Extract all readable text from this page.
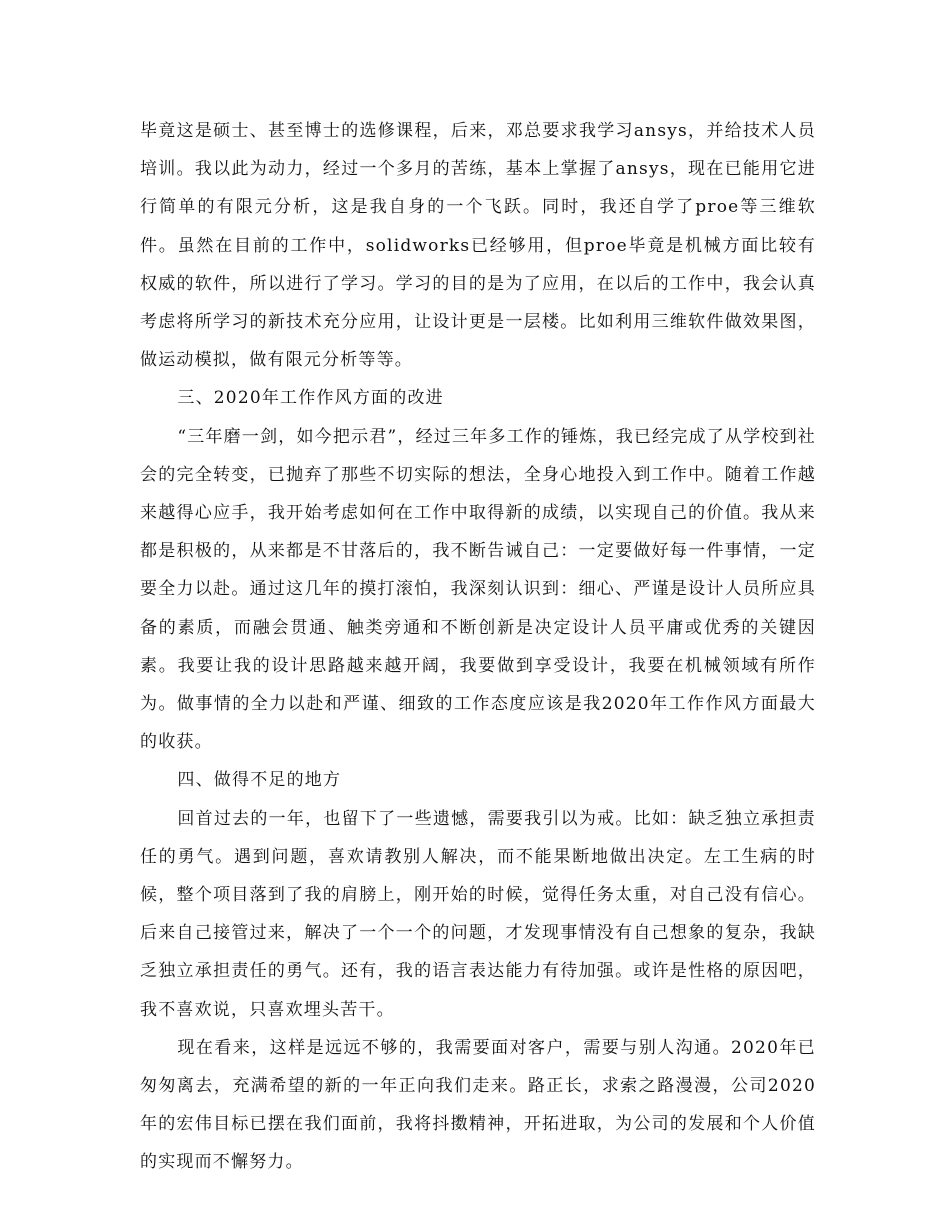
毕竟这是硕士、甚至博士的选修课程，后来，邓总要求我学习ansys，并给技术人员培训。我以此为动力，经过一个多月的苦练，基本上掌握了ansys，现在已能用它进行简单的有限元分析，这是我自身的一个飞跃。同时，我还自学了proe等三维软件。虽然在目前的工作中，solidworks已经够用，但proe毕竟是机械方面比较有权威的软件，所以进行了学习。学习的目的是为了应用，在以后的工作中，我会认真考虑将所学习的新技术充分应用，让设计更是一层楼。比如利用三维软件做效果图，做运动模拟，做有限元分析等等。

三、2020年工作作风方面的改进

“三年磨一剑，如今把示君”，经过三年多工作的锤炼，我已经完成了从学校到社会的完全转变，已抛弃了那些不切实际的想法，全身心地投入到工作中。随着工作越来越得心应手，我开始考虑如何在工作中取得新的成绩，以实现自己的价值。我从来都是积极的，从来都是不甘落后的，我不断告诫自己：一定要做好每一件事情，一定要全力以赴。通过这几年的摸打滚怕，我深刻认识到：细心、严谨是设计人员所应具备的素质，而融会贯通、触类旁通和不断创新是决定设计人员平庸或优秀的关键因素。我要让我的设计思路越来越开阔，我要做到享受设计，我要在机械领域有所作为。做事情的全力以赴和严谨、细致的工作态度应该是我2020年工作作风方面最大的收获。

四、做得不足的地方

回首过去的一年，也留下了一些遗憾，需要我引以为戒。比如：缺乏独立承担责任的勇气。遇到问题，喜欢请教别人解决，而不能果断地做出决定。左工生病的时候，整个项目落到了我的肩膀上，刚开始的时候，觉得任务太重，对自己没有信心。后来自己接管过来，解决了一个一个的问题，才发现事情没有自己想象的复杂，我缺乏独立承担责任的勇气。还有，我的语言表达能力有待加强。或许是性格的原因吧，我不喜欢说，只喜欢埋头苦干。

现在看来，这样是远远不够的，我需要面对客户，需要与别人沟通。2020年已匆匆离去，充满希望的新的一年正向我们走来。路正长，求索之路漫漫，公司2020年的宏伟目标已摆在我们面前，我将抖擞精神，开拓进取，为公司的发展和个人价值的实现而不懈努力。
